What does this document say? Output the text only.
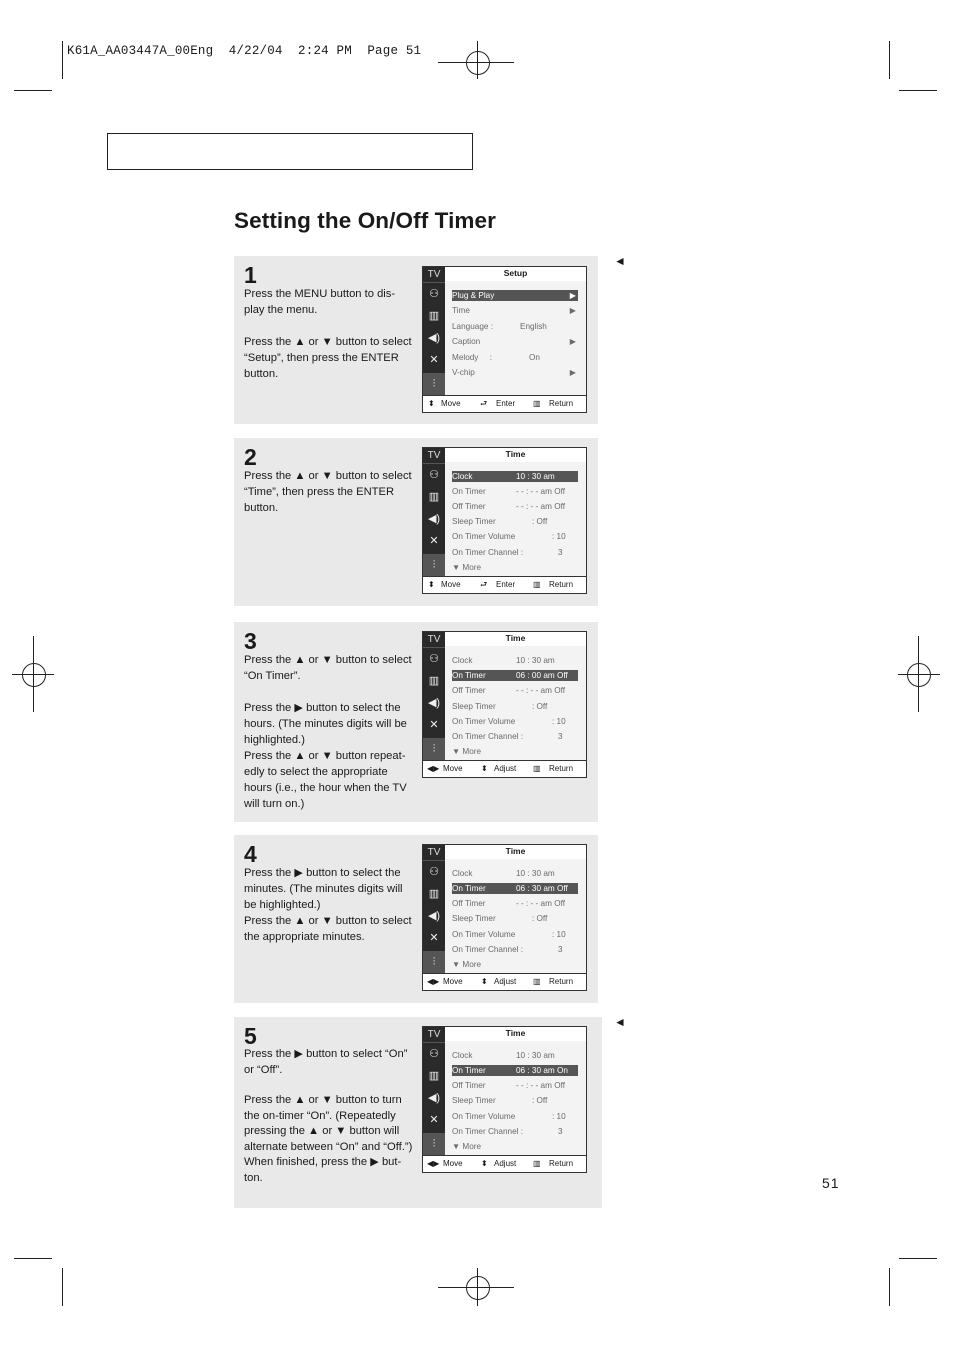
K61A_AA03447A_00Eng  4/22/04  2:24 PM  Page 51
Setting the On/Off Timer
◄
◄
1

Press the MENU button to dis-play the menu.

Press the ▲ or ▼ button to select “Setup”, then press the ENTER button.

TV
⚇
▥
◀)
✕
⫶
Setup
Plug & Play	▶
Time	▶
Language :	English
Caption	▶
Melody     :	On
V-chip	▶
⬍ Move ⮐ Enter ▥ Return
2

Press the ▲ or ▼ button to select “Time”, then press the ENTER button.

TV
⚇
▥
◀)
✕
⫶
Time
Clock	10 : 30 am
On Timer	- - : - - am Off
Off Timer	- - : - - am Off
Sleep Timer	: Off
On Timer Volume	: 10
On Timer Channel :	3
▼ More
⬍ Move ⮐ Enter ▥ Return
3

Press the ▲ or ▼ button to select “On Timer”.

Press the ▶ button to select the hours. (The minutes digits will be highlighted.)

Press the ▲ or ▼ button repeat-edly to select the appropriate hours (i.e., the hour when the TV will turn on.)

TV
⚇
▥
◀)
✕
⫶
Time
Clock	10 : 30 am
On Timer	06 : 00 am Off
Off Timer	- - : - - am Off
Sleep Timer	: Off
On Timer Volume	: 10
On Timer Channel :	3
▼ More
◀▶ Move ⬍ Adjust ▥ Return
4

Press the ▶ button to select the minutes. (The minutes digits will be highlighted.)

Press the ▲ or ▼ button to select the appropriate minutes.

TV
⚇
▥
◀)
✕
⫶
Time
Clock	10 : 30 am
On Timer	06 : 30 am Off
Off Timer	- - : - - am Off
Sleep Timer	: Off
On Timer Volume	: 10
On Timer Channel :	3
▼ More
◀▶ Move ⬍ Adjust ▥ Return
5

Press the ▶ button to select “On” or “Off”.

Press the ▲ or ▼ button to turn the on-timer “On”. (Repeatedly pressing the ▲ or ▼ button will alternate between “On” and “Off.”)

When finished, press the ▶ but-ton.

TV
⚇
▥
◀)
✕
⫶
Time
Clock	10 : 30 am
On Timer	06 : 30 am On
Off Timer	- - : - - am Off
Sleep Timer	: Off
On Timer Volume	: 10
On Timer Channel :	3
▼ More
◀▶ Move ⬍ Adjust ▥ Return
51
